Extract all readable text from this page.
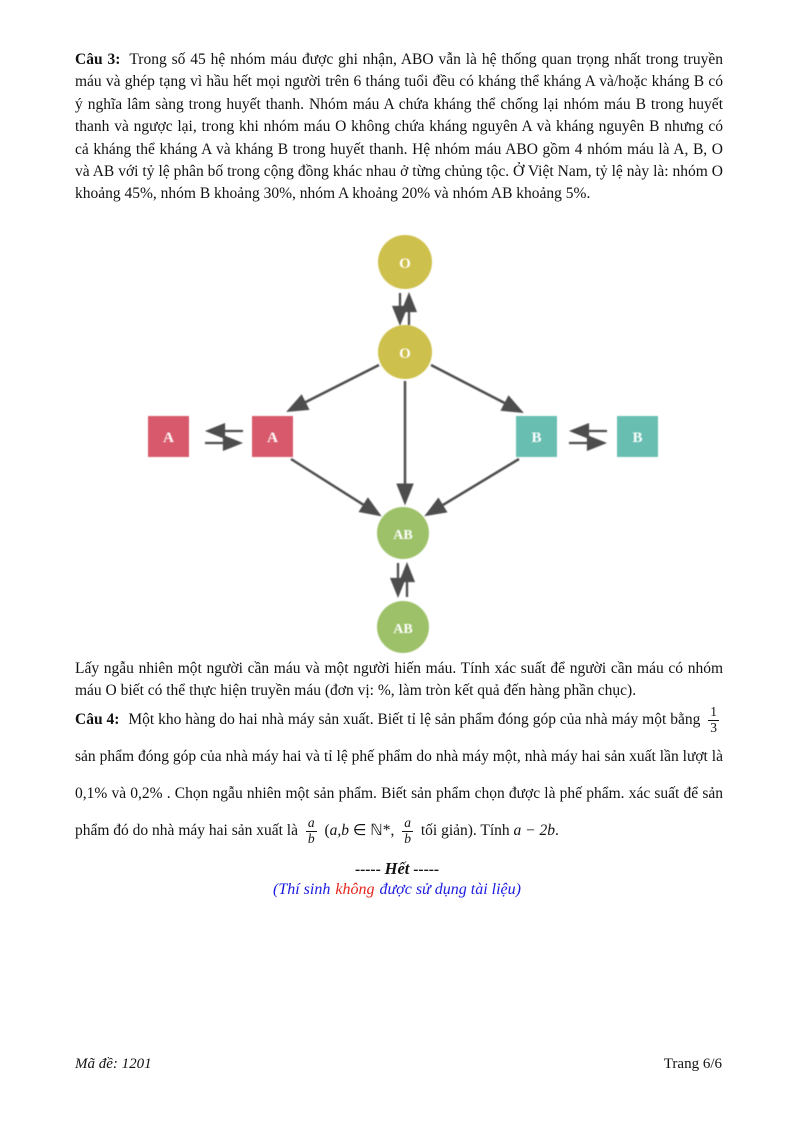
Câu 3: Trong số 45 hệ nhóm máu được ghi nhận, ABO vẫn là hệ thống quan trọng nhất trong truyền máu và ghép tạng vì hầu hết mọi người trên 6 tháng tuổi đều có kháng thể kháng A và/hoặc kháng B có ý nghĩa lâm sàng trong huyết thanh. Nhóm máu A chứa kháng thể chống lại nhóm máu B trong huyết thanh và ngược lại, trong khi nhóm máu O không chứa kháng nguyên A và kháng nguyên B nhưng có cả kháng thể kháng A và kháng B trong huyết thanh. Hệ nhóm máu ABO gồm 4 nhóm máu là A, B, O và AB với tỷ lệ phân bố trong cộng đồng khác nhau ở từng chủng tộc. Ở Việt Nam, tỷ lệ này là: nhóm O khoảng 45%, nhóm B khoảng 30%, nhóm A khoảng 20% và nhóm AB khoảng 5%.
O
O
A	A	B	B
AB
AB
Lấy ngẫu nhiên một người cần máu và một người hiến máu. Tính xác suất để người cần máu có nhóm máu O biết có thể thực hiện truyền máu (đơn vị: %, làm tròn kết quả đến hàng phần chục).
Câu 4: Một kho hàng do hai nhà máy sản xuất. Biết tỉ lệ sản phẩm đóng góp của nhà máy một bằng $\frac{1}{3}$
sản phẩm đóng góp của nhà máy hai và tỉ lệ phế phẩm do nhà máy một, nhà máy hai sản xuất lần lượt là 0,1% và 0,2% . Chọn ngẫu nhiên một sản phẩm. Biết sản phẩm chọn được là phế phẩm. xác suất để sản phẩm đó do nhà máy hai sản xuất là $\frac{a}{b} (a,b$ ∈ ℕ*, $\frac{a}{b}$ tối giản). Tính a − 2b.
----- Hết -----
(Thí sinh không được sử dụng tài liệu)
Mã đề: 1201	Trang 6/6
